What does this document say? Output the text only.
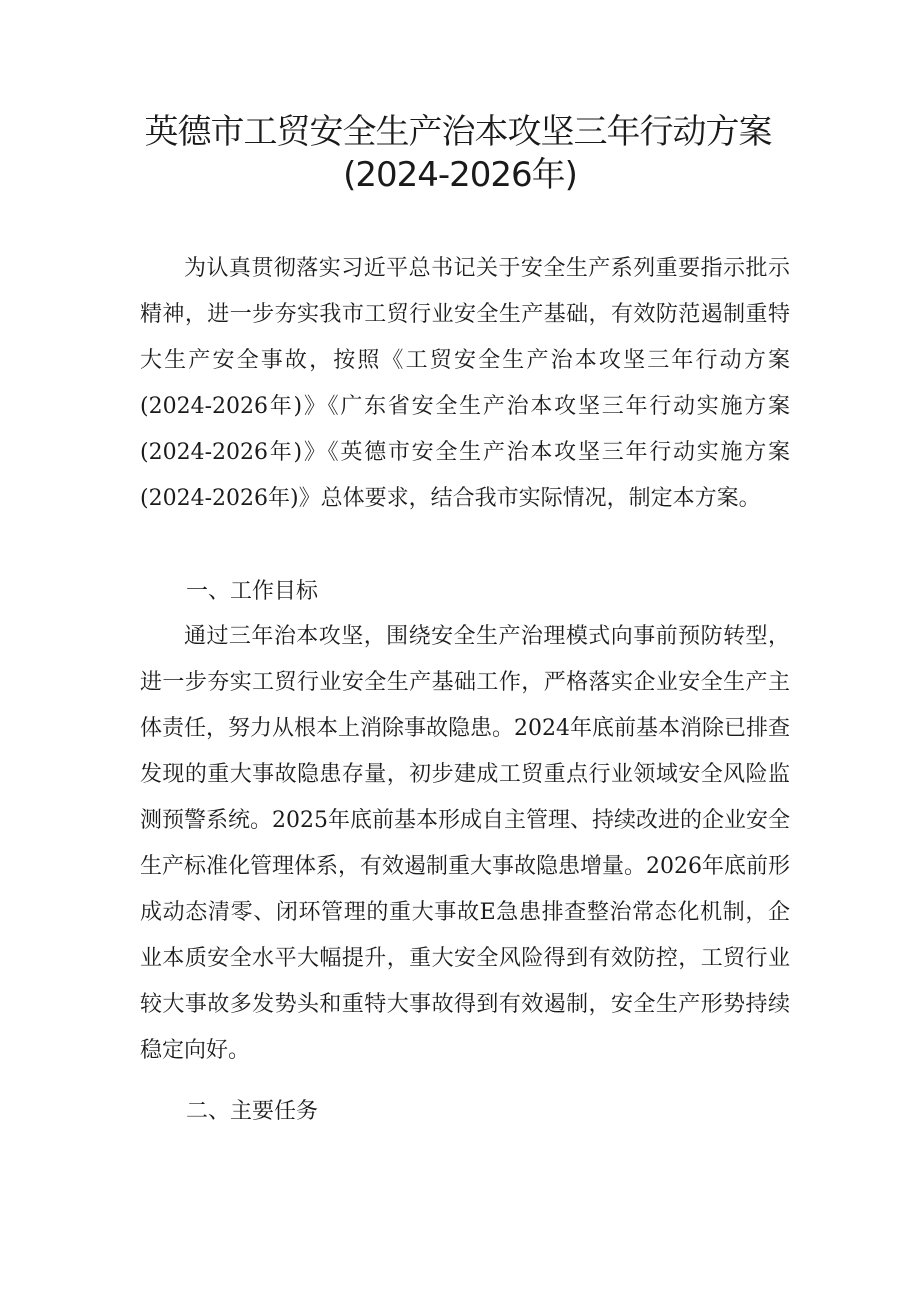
英德市工贸安全生产治本攻坚三年行动方案
(2024-2026年)
为认真贯彻落实习近平总书记关于安全生产系列重要指示批示精神，进一步夯实我市工贸行业安全生产基础，有效防范遏制重特大生产安全事故，按照《工贸安全生产治本攻坚三年行动方案(2024-2026年)》《广东省安全生产治本攻坚三年行动实施方案(2024-2026年)》《英德市安全生产治本攻坚三年行动实施方案(2024-2026年)》总体要求，结合我市实际情况，制定本方案。
一、工作目标
通过三年治本攻坚，围绕安全生产治理模式向事前预防转型，进一步夯实工贸行业安全生产基础工作，严格落实企业安全生产主体责任，努力从根本上消除事故隐患。2024年底前基本消除已排查发现的重大事故隐患存量，初步建成工贸重点行业领域安全风险监测预警系统。2025年底前基本形成自主管理、持续改进的企业安全生产标准化管理体系，有效遏制重大事故隐患增量。2026年底前形成动态清零、闭环管理的重大事故E急患排查整治常态化机制，企业本质安全水平大幅提升，重大安全风险得到有效防控，工贸行业较大事故多发势头和重特大事故得到有效遏制，安全生产形势持续稳定向好。
二、主要任务
